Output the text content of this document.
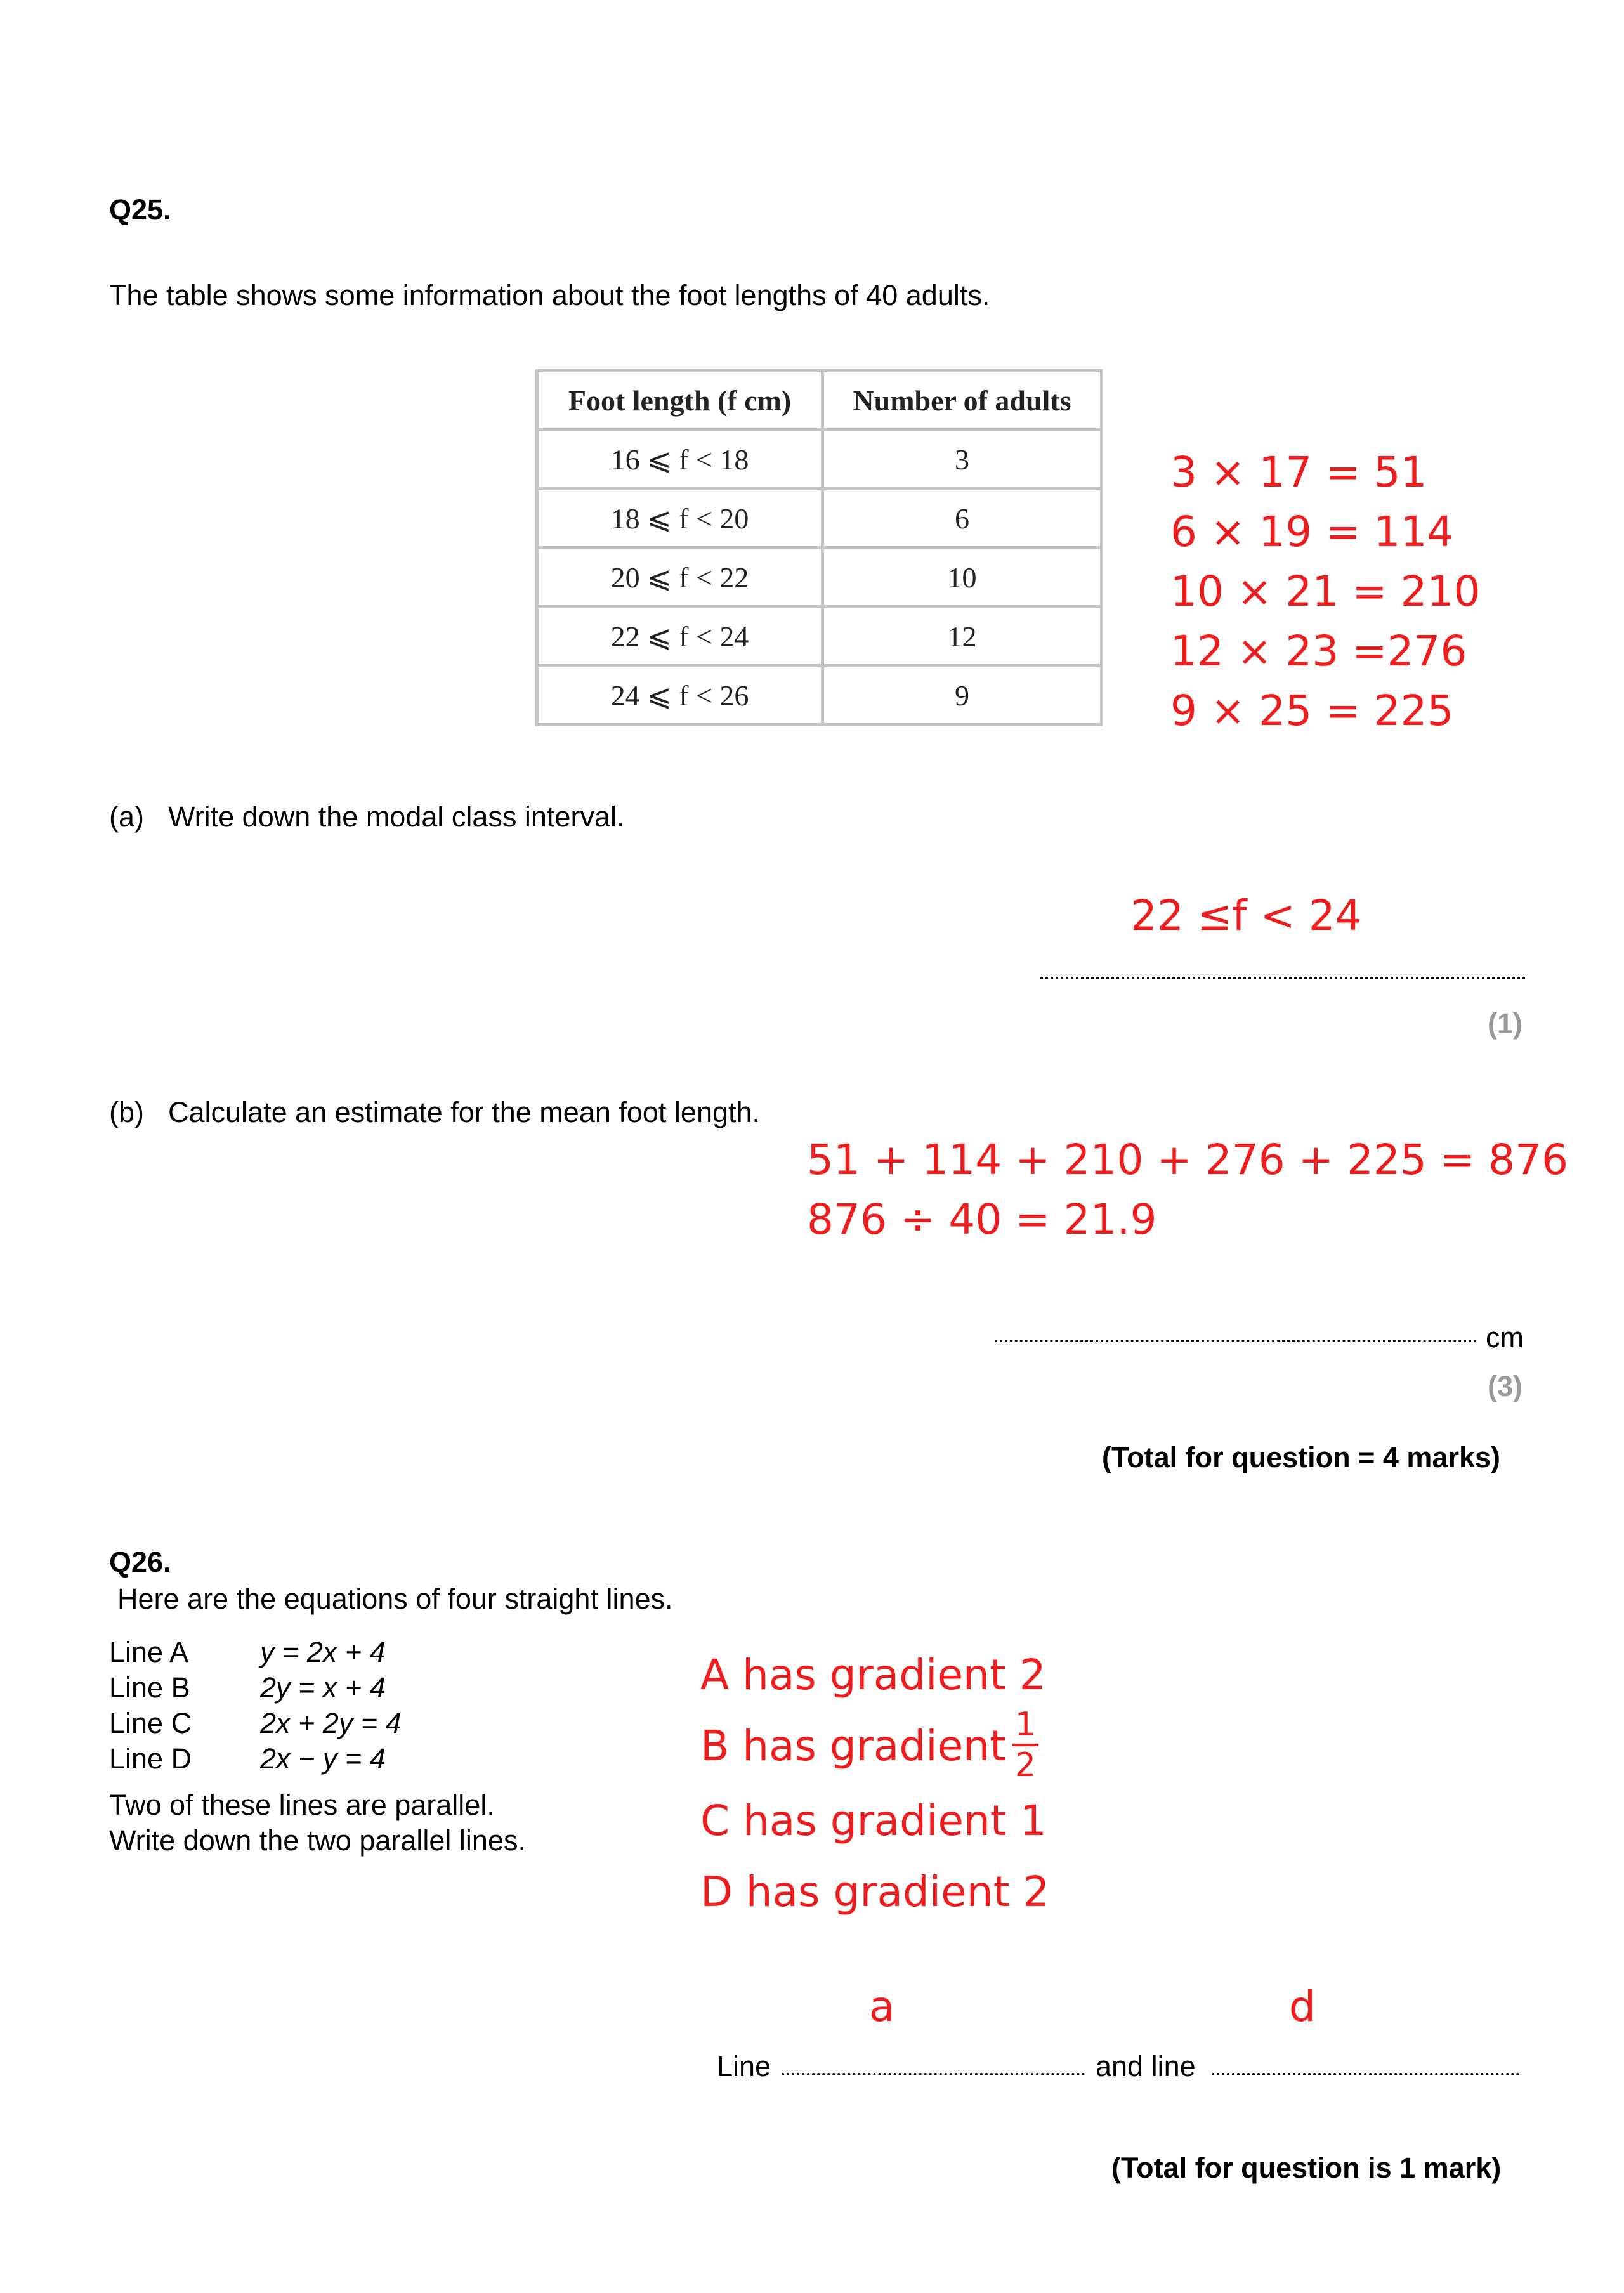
Q25.
The table shows some information about the foot lengths of 40 adults.
Foot length (f cm)	Number of adults
16 ⩽ f < 18	3
18 ⩽ f < 20	6
20 ⩽ f < 22	10
22 ⩽ f < 24	12
24 ⩽ f < 26	9
3 × 17 = 51
6 × 19 = 114
10 × 21 = 210
12 × 23 =276
9 × 25 = 225
(a) Write down the modal class interval.
22 ≤f < 24
(1)
(b) Calculate an estimate for the mean foot length.
51 + 114 + 210 + 276 + 225 = 876
876 ÷ 40 = 21.9
cm
(3)
(Total for question = 4 marks)
Q26.
Here are the equations of four straight lines.
Line A	y = 2x + 4
Line B 2y = x + 4
Line C 2x + 2y = 4
Line D 2x − y = 4
Two of these lines are parallel.
Write down the two parallel lines.
A has gradient 2
B has gradient $\frac{1}{2}$
C has gradient 1
D has gradient 2
a	d
Line	and line
(Total for question is 1 mark)
